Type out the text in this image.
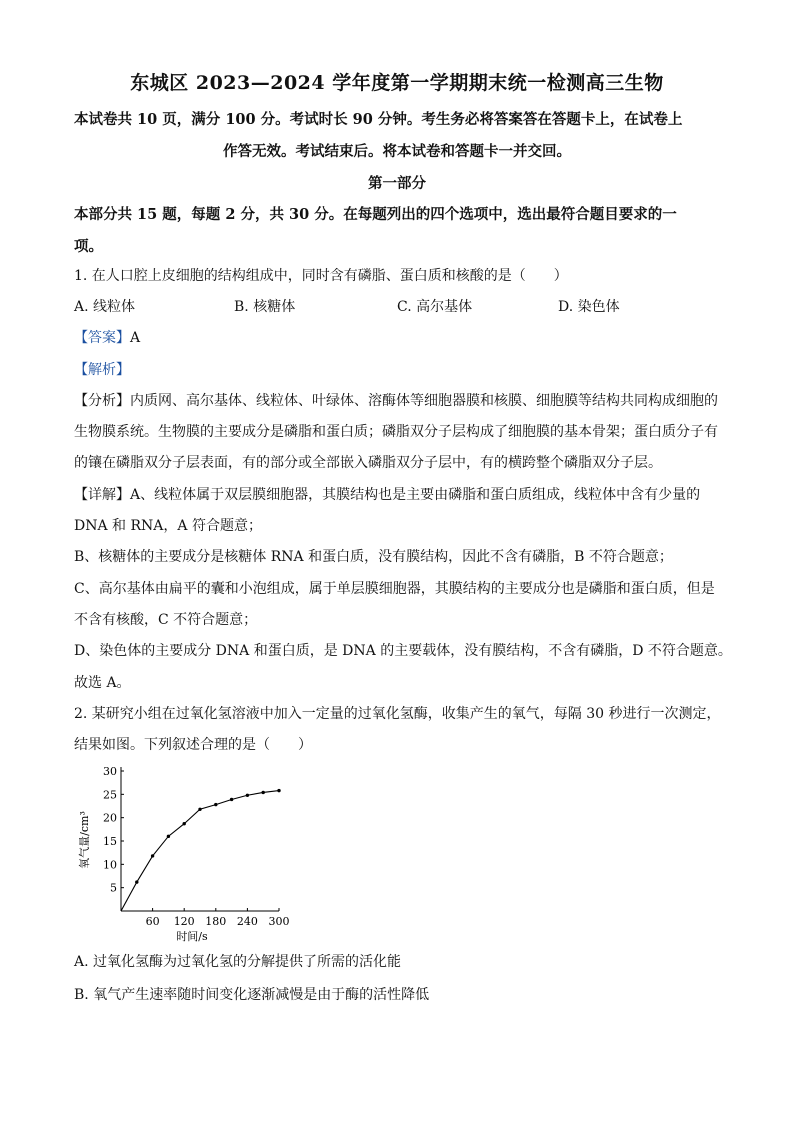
东城区 2023—2024 学年度第一学期期末统一检测高三生物
本试卷共 10 页，满分 100 分。考试时长 90 分钟。考生务必将答案答在答题卡上，在试卷上
作答无效。考试结束后。将本试卷和答题卡一并交回。
第一部分
本部分共 15 题，每题 2 分，共 30 分。在每题列出的四个选项中，选出最符合题目要求的一
项。
1. 在人口腔上皮细胞的结构组成中，同时含有磷脂、蛋白质和核酸的是（　　）
A. 线粒体	B. 核糖体	C. 高尔基体	D. 染色体
【答案】A
【解析】
【分析】内质网、高尔基体、线粒体、叶绿体、溶酶体等细胞器膜和核膜、细胞膜等结构共同构成细胞的
生物膜系统。生物膜的主要成分是磷脂和蛋白质；磷脂双分子层构成了细胞膜的基本骨架；蛋白质分子有
的镶在磷脂双分子层表面，有的部分或全部嵌入磷脂双分子层中，有的横跨整个磷脂双分子层。
【详解】A、线粒体属于双层膜细胞器，其膜结构也是主要由磷脂和蛋白质组成，线粒体中含有少量的
DNA 和 RNA，A 符合题意；
B、核糖体的主要成分是核糖体 RNA 和蛋白质，没有膜结构，因此不含有磷脂，B 不符合题意；
C、高尔基体由扁平的囊和小泡组成，属于单层膜细胞器，其膜结构的主要成分也是磷脂和蛋白质，但是
不含有核酸，C 不符合题意；
D、染色体的主要成分 DNA 和蛋白质，是 DNA 的主要载体，没有膜结构，不含有磷脂，D 不符合题意。
故选 A。
2. 某研究小组在过氧化氢溶液中加入一定量的过氧化氢酶，收集产生的氧气，每隔 30 秒进行一次测定，
结果如图。下列叙述合理的是（　　）
5
10
15
20
25
30
60 120 180 240 300
氧气量/cm³
时间/s
A. 过氧化氢酶为过氧化氢的分解提供了所需的活化能
B. 氧气产生速率随时间变化逐渐减慢是由于酶的活性降低
